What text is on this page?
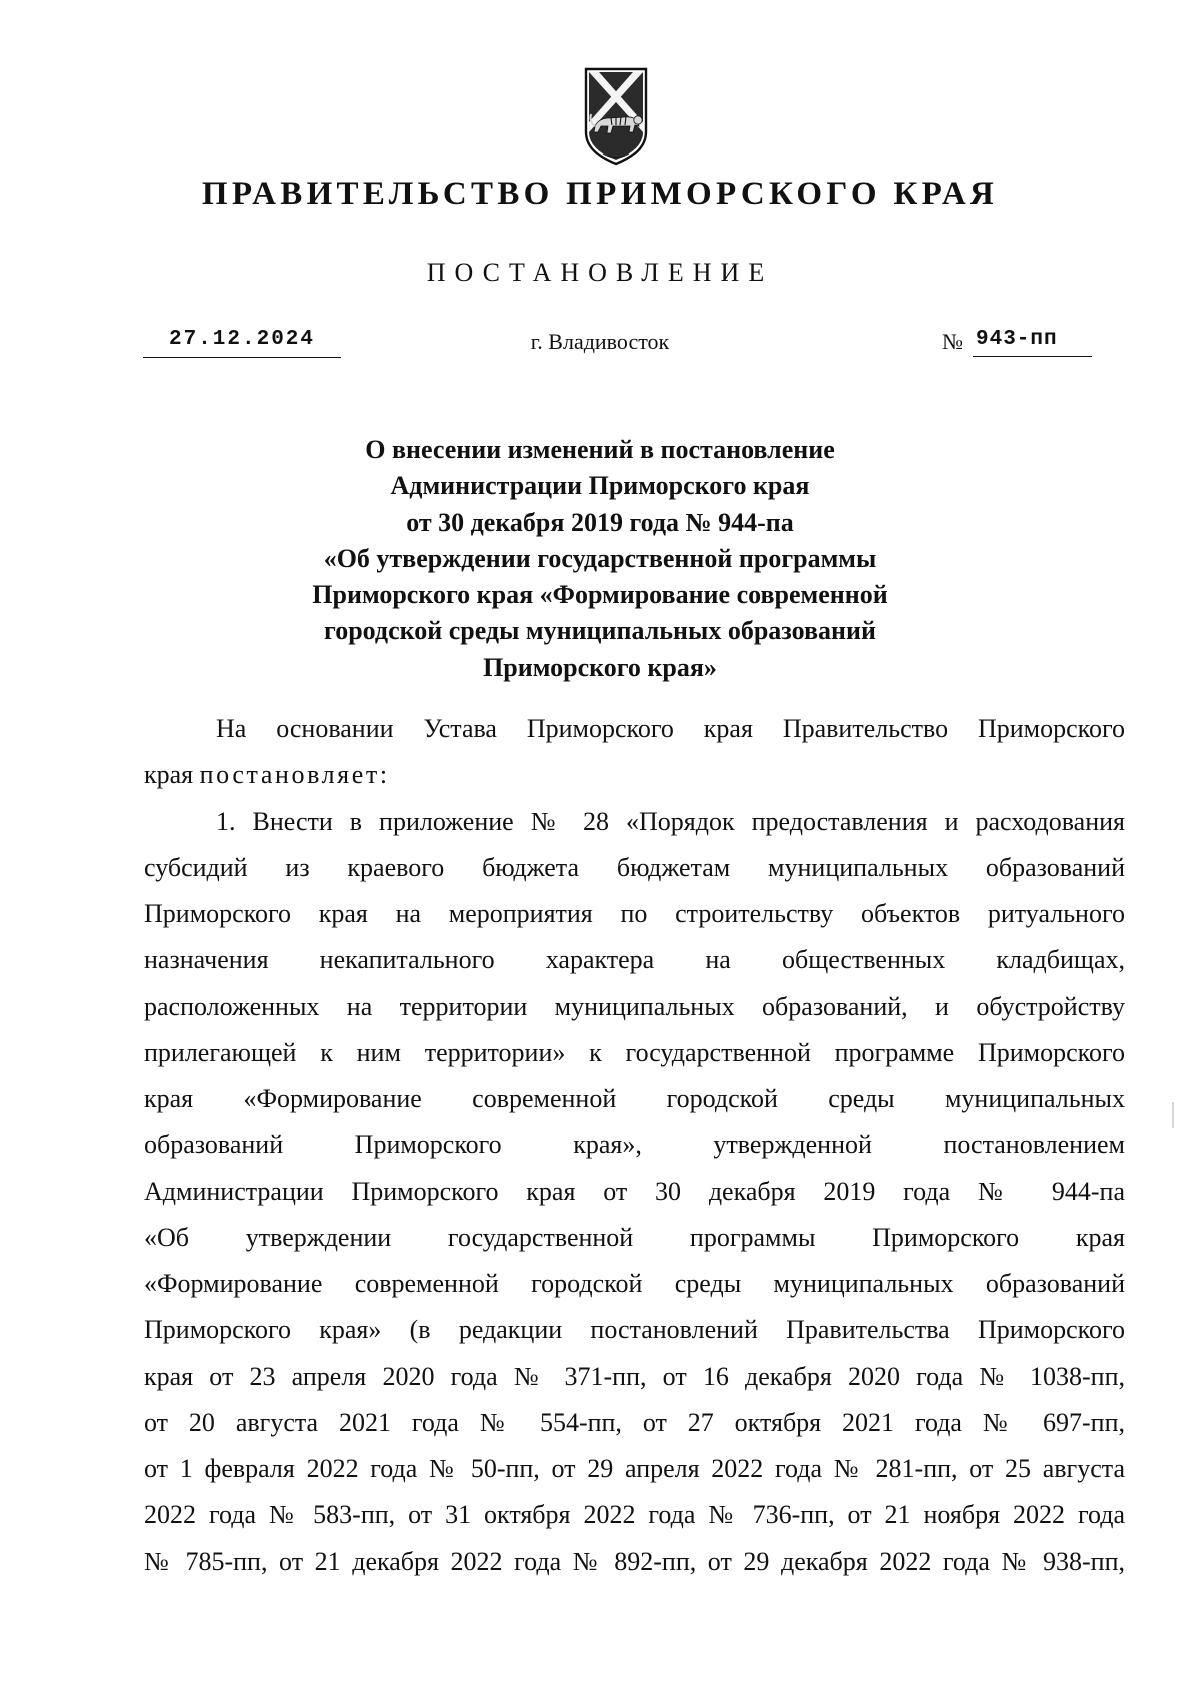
ПРАВИТЕЛЬСТВО ПРИМОРСКОГО КРАЯ
ПОСТАНОВЛЕНИЕ
27.12.2024	г. Владивосток	№ 943-пп
О внесении изменений в постановление
Администрации Приморского края
от 30 декабря 2019 года № 944-па
«Об утверждении государственной программы
Приморского края «Формирование современной
городской среды муниципальных образований
Приморского края»
На основании Устава Приморского края Правительство Приморского
края постановляет:
1. Внести в приложение № 28 «Порядок предоставления и расходования
субсидий из краевого бюджета бюджетам муниципальных образований
Приморского края на мероприятия по строительству объектов ритуального
назначения некапитального характера на общественных кладбищах,
расположенных на территории муниципальных образований, и обустройству
прилегающей к ним территории» к государственной программе Приморского
края «Формирование современной городской среды муниципальных
образований Приморского края», утвержденной постановлением
Администрации Приморского края от 30 декабря 2019 года № 944-па
«Об утверждении государственной программы Приморского края
«Формирование современной городской среды муниципальных образований
Приморского края» (в редакции постановлений Правительства Приморского
края от 23 апреля 2020 года № 371-пп, от 16 декабря 2020 года № 1038-пп,
от 20 августа 2021 года № 554-пп, от 27 октября 2021 года № 697-пп,
от 1 февраля 2022 года № 50-пп, от 29 апреля 2022 года № 281-пп, от 25 августа
2022 года № 583-пп, от 31 октября 2022 года № 736-пп, от 21 ноября 2022 года
№ 785-пп, от 21 декабря 2022 года № 892-пп, от 29 декабря 2022 года № 938-пп,
